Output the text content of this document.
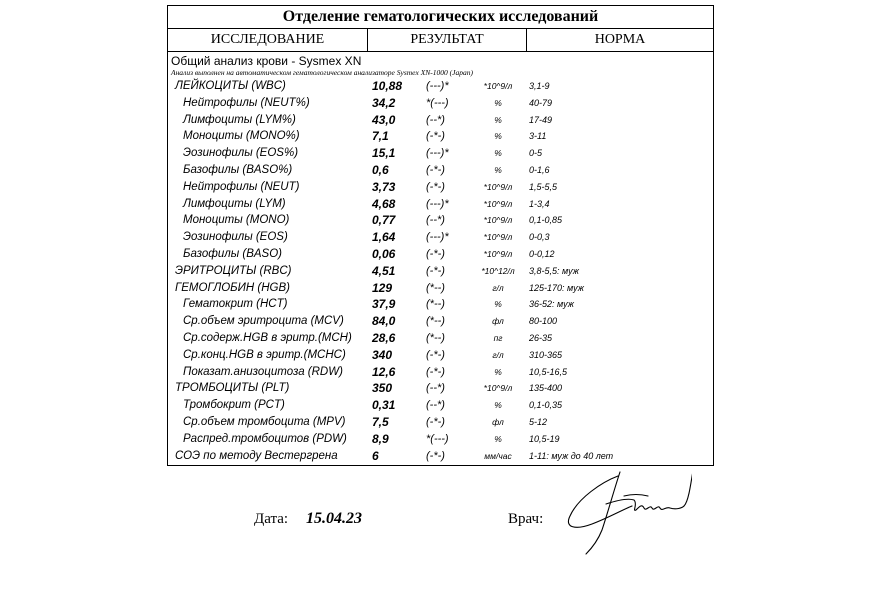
Отделение гематологических исследований
ИССЛЕДОВАНИЕ	РЕЗУЛЬТАТ	НОРМА
Общий анализ крови - Sysmex XN
Анализ выполнен на автоматическом гематологическом анализаторе Sysmex XN-1000 (Japan)
ЛЕЙКОЦИТЫ (WBC)	10,88 (---)*	*10^9/л	3,1-9
Нейтрофилы (NEUT%)	34,2	*(---)	%	40-79
Лимфоциты (LYM%)	43,0	(--*)	%	17-49
Моноциты (MONO%)	7,1	(-*-)	%	3-11
Эозинофилы (EOS%)	15,1	(---)*	%	0-5
Базофилы (BASO%)	0,6	(-*-)	%	0-1,6
Нейтрофилы (NEUT)	3,73	(-*-)	*10^9/л	1,5-5,5
Лимфоциты (LYM)	4,68	(---)*	*10^9/л	1-3,4
Моноциты (MONO)	0,77	(--*)	*10^9/л	0,1-0,85
Эозинофилы (EOS)	1,64	(---)*	*10^9/л	0-0,3
Базофилы (BASO)	0,06	(-*-)	*10^9/л	0-0,12
ЭРИТРОЦИТЫ (RBC)	4,51	(-*-)	*10^12/л	3,8-5,5: муж
ГЕМОГЛОБИН (HGB)	129	(*--)	г/л	125-170: муж
Гематокрит (HCT)	37,9	(*--)	%	36-52: муж
Ср.объем эритроцита (MCV) 84,0	(*--)	фл	80-100
Ср.содерж.HGB в эритр.(MCH) 28,6	(*--)	пг	26-35
Ср.конц.HGB в эритр.(MCHC) 340	(-*-)	г/л	310-365
Показат.анизоцитоза (RDW) 12,6	(-*-)	%	10,5-16,5
ТРОМБОЦИТЫ (PLT)	350	(--*)	*10^9/л	135-400
Тромбокрит (PCT)	0,31	(--*)	%	0,1-0,35
Ср.объем тромбоцита (MPV) 7,5	(-*-)	фл	5-12
Распред.тромбоцитов (PDW) 8,9	*(---)	%	10,5-19
СОЭ по методу Вестергрена	6	(-*-)	мм/час	1-11: муж до 40 лет
Дата: 15.04.23	Врач:
